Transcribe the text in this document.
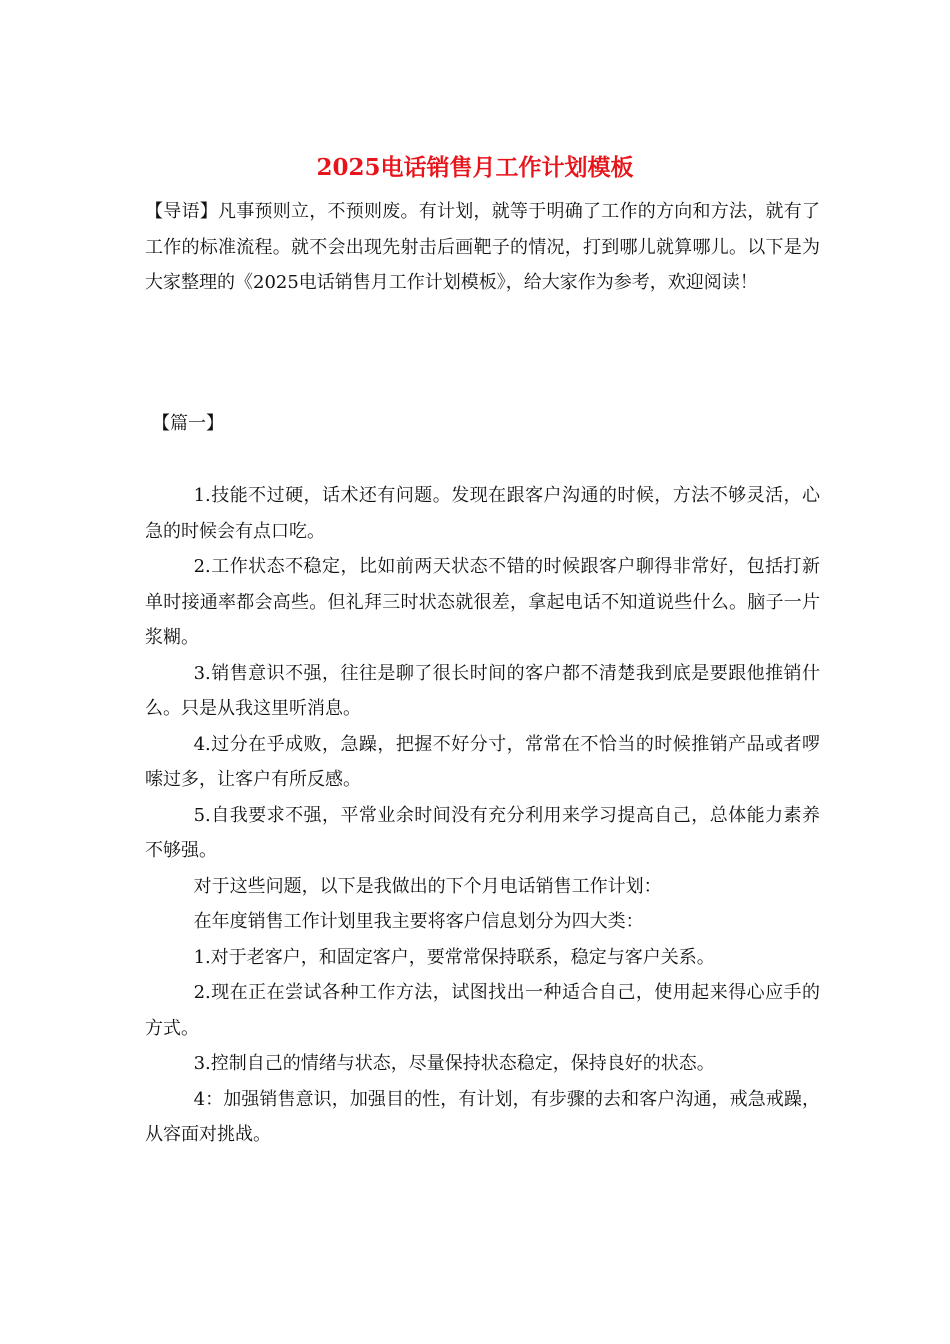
2025电话销售月工作计划模板
【导语】凡事预则立，不预则废。有计划，就等于明确了工作的方向和方法，就有了工作的标准流程。就不会出现先射击后画靶子的情况，打到哪儿就算哪儿。以下是为大家整理的《2025电话销售月工作计划模板》，给大家作为参考，欢迎阅读！
【篇一】

1.技能不过硬，话术还有问题。发现在跟客户沟通的时候，方法不够灵活，心急的时候会有点口吃。

2.工作状态不稳定，比如前两天状态不错的时候跟客户聊得非常好，包括打新单时接通率都会高些。但礼拜三时状态就很差，拿起电话不知道说些什么。脑子一片浆糊。

3.销售意识不强，往往是聊了很长时间的客户都不清楚我到底是要跟他推销什么。只是从我这里听消息。

4.过分在乎成败，急躁，把握不好分寸，常常在不恰当的时候推销产品或者啰嗦过多，让客户有所反感。

5.自我要求不强，平常业余时间没有充分利用来学习提高自己，总体能力素养不够强。

对于这些问题，以下是我做出的下个月电话销售工作计划：

在年度销售工作计划里我主要将客户信息划分为四大类：

1.对于老客户，和固定客户，要常常保持联系，稳定与客户关系。

2.现在正在尝试各种工作方法，试图找出一种适合自己，使用起来得心应手的方式。

3.控制自己的情绪与状态，尽量保持状态稳定，保持良好的状态。

4：加强销售意识，加强目的性，有计划，有步骤的去和客户沟通，戒急戒躁，从容面对挑战。
